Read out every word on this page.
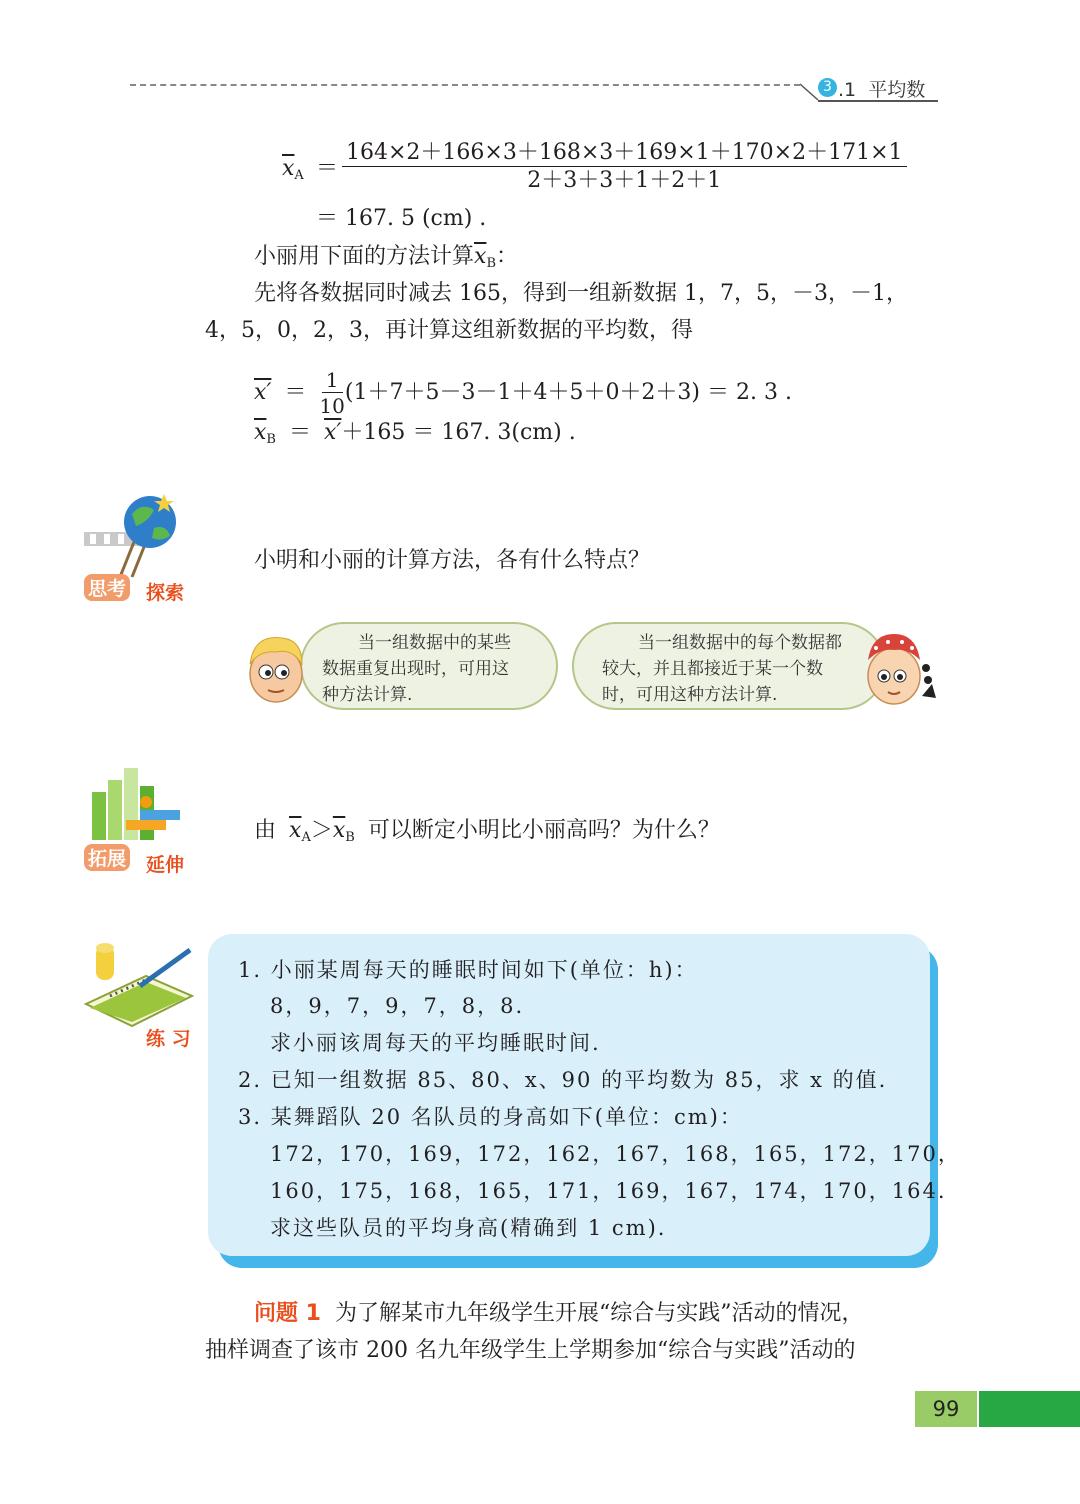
3 .1  平均数
$\overline{x}A = \frac{164\times 2+166\times 3+168\times 3+169\times 1+170\times 2+171\times 1}{2+3+3+1+2+1}$
＝ 167. 5 (cm) .
小丽用下面的方法计算$\overline{x}B$：
先将各数据同时减去 165，得到一组新数据 1，7，5，－3，－1，
4，5，0，2，3，再计算这组新数据的平均数，得
$x' = \frac{1}{10} (1+7+5-3-1+4+5+0+2+3) = 2$. 3 .
$\overline{x}B = x'+165 = 167$. 3(cm) .
思考 探索
小明和小丽的计算方法，各有什么特点？
当一组数据中的某些
数据重复出现时，可用这
种方法计算.
当一组数据中的每个数据都
较大，并且都接近于某一个数
时，可用这种方法计算.
拓展 延伸
由 $\overline{x}A>\overline{x}B$ 可以断定小明比小丽高吗？为什么？
练 习
1. 小丽某周每天的睡眠时间如下(单位：h)：
8，9，7，9，7，8，8.
求小丽该周每天的平均睡眠时间.
2. 已知一组数据 85、80、x、90 的平均数为 85，求 x 的值.
3. 某舞蹈队 20 名队员的身高如下(单位：cm)：
172，170，169，172，162，167，168，165，172，170，
160，175，168，165，171，169，167，174，170，164.
求这些队员的平均身高(精确到 1 cm).
问题 1 为了解某市九年级学生开展“综合与实践”活动的情况，
抽样调查了该市 200 名九年级学生上学期参加“综合与实践”活动的
99
